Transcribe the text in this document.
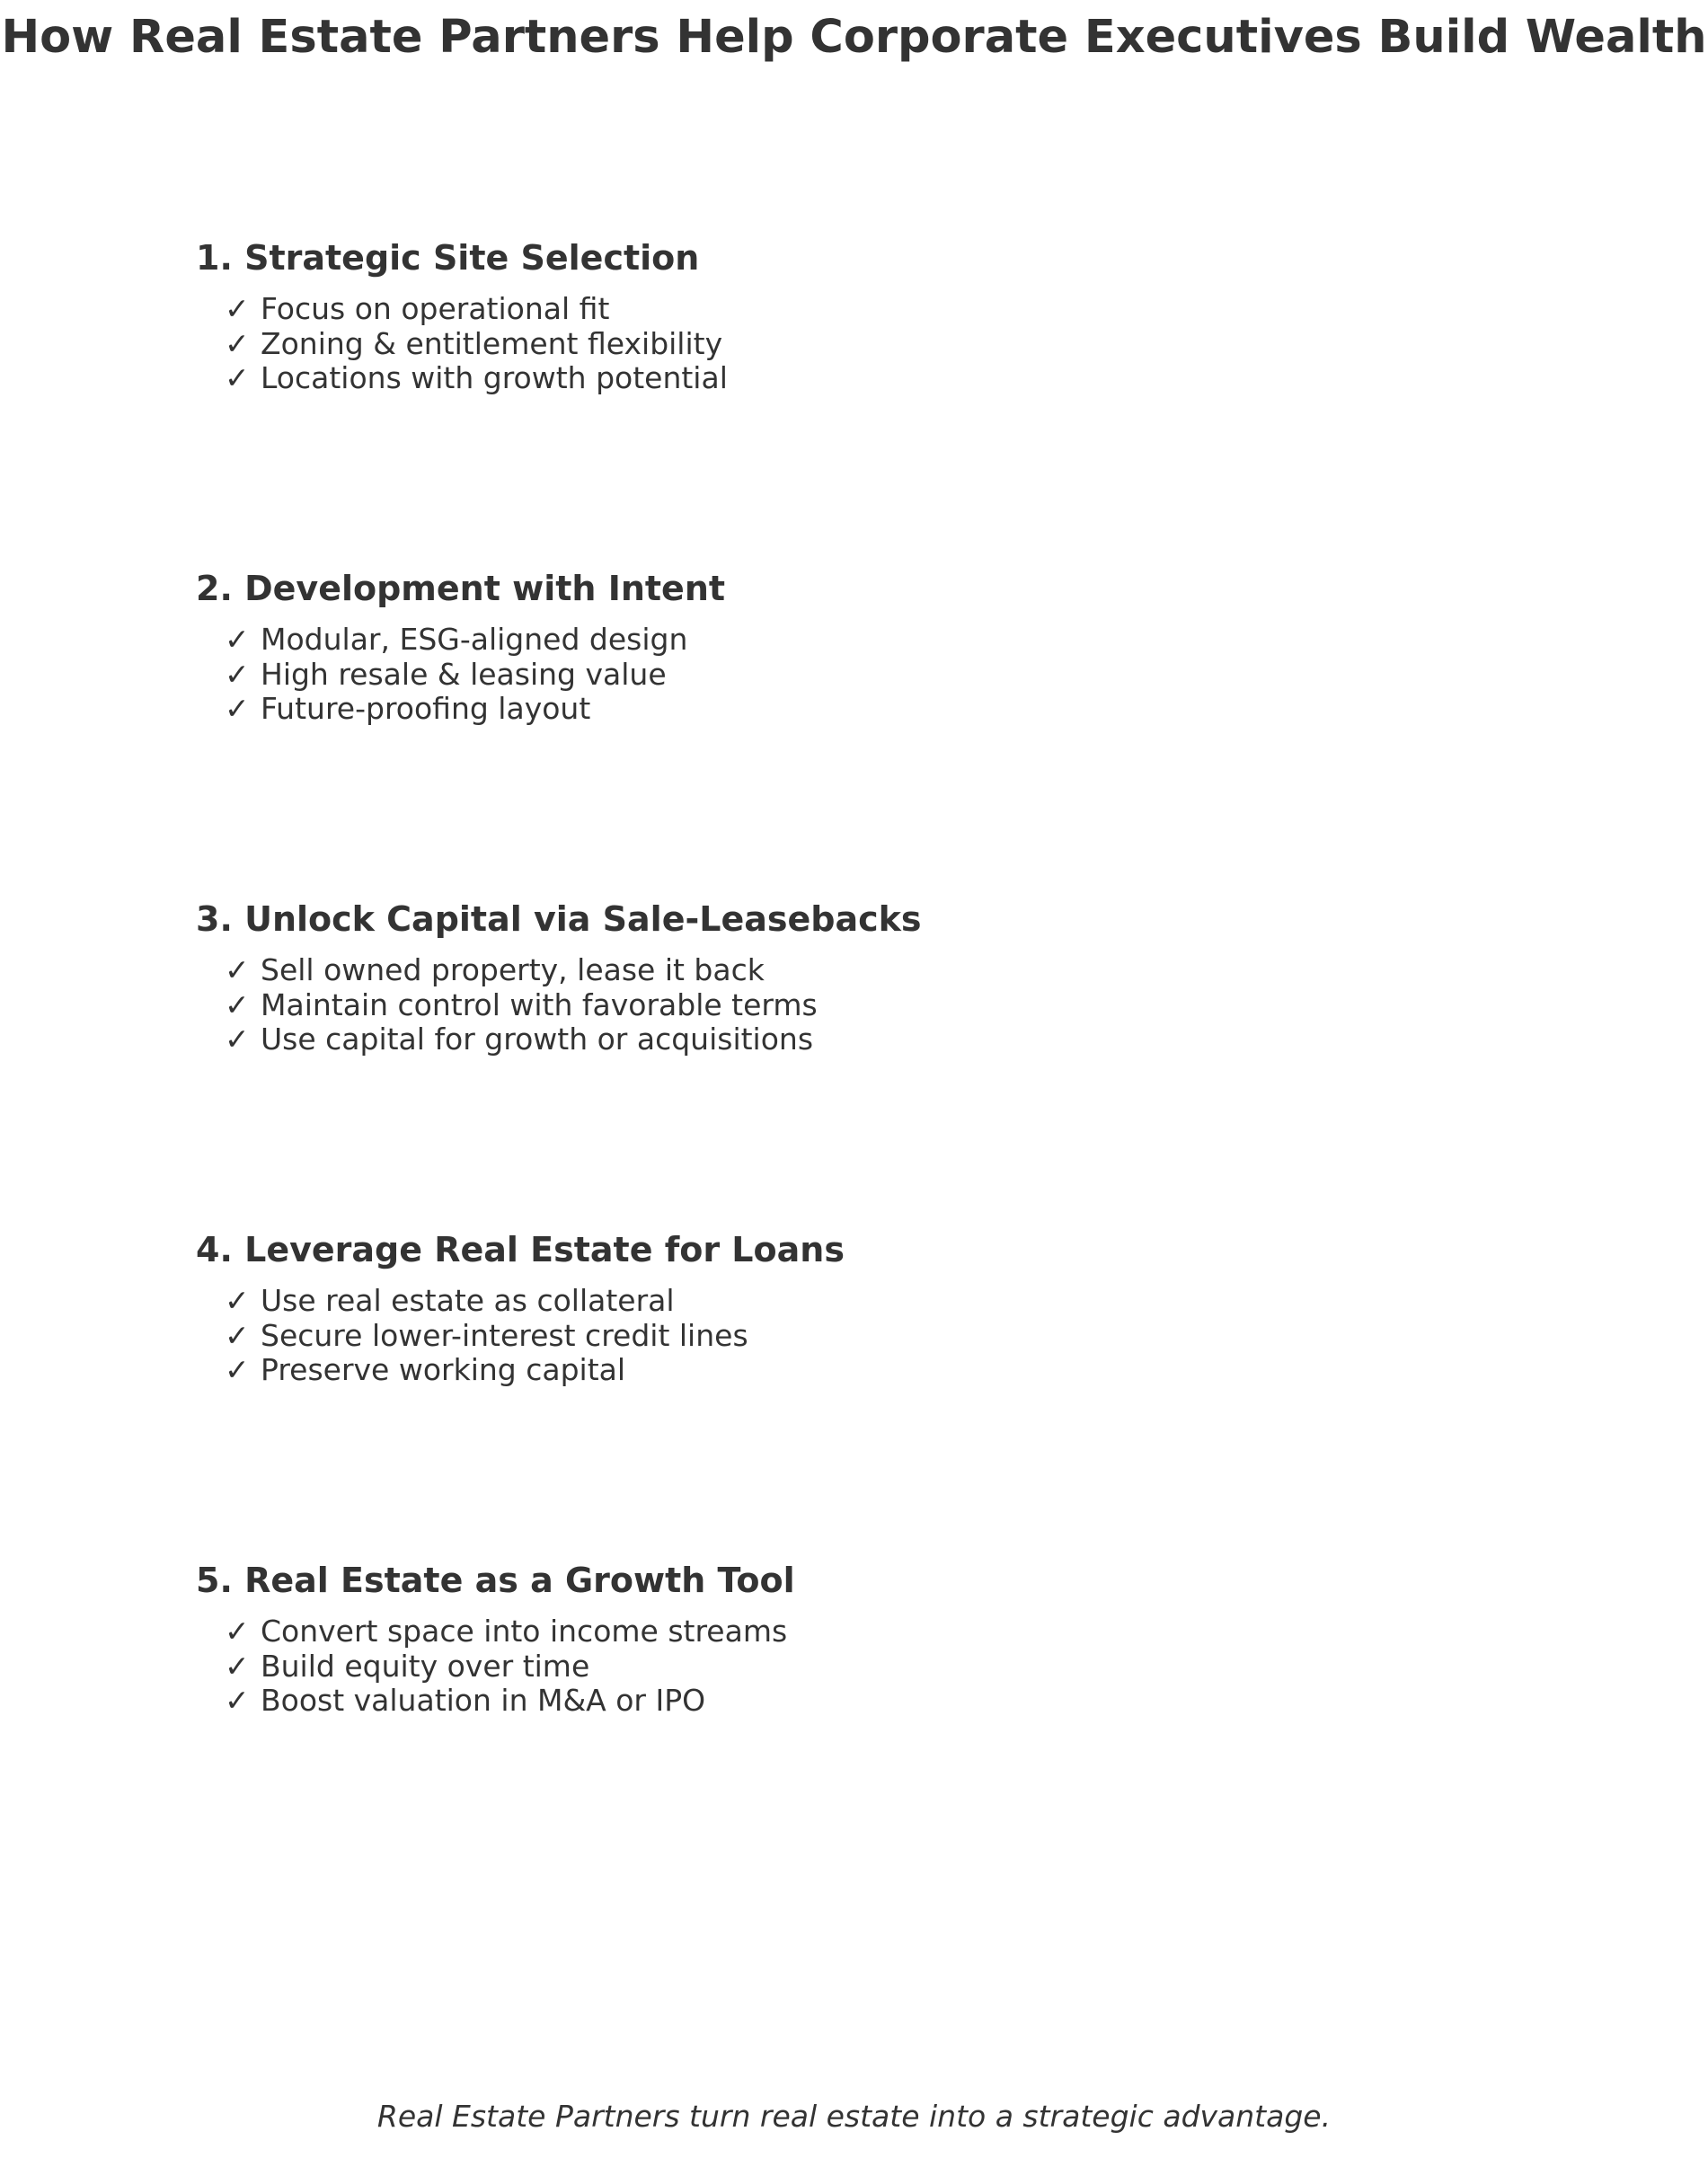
How Real Estate Partners Help Corporate Executives Build Wealth
1. Strategic Site Selection
✓ Focus on operational fit
✓ Zoning & entitlement flexibility
✓ Locations with growth potential
2. Development with Intent
✓ Modular, ESG-aligned design
✓ High resale & leasing value
✓ Future-proofing layout
3. Unlock Capital via Sale-Leasebacks
✓ Sell owned property, lease it back
✓ Maintain control with favorable terms
✓ Use capital for growth or acquisitions
4. Leverage Real Estate for Loans
✓ Use real estate as collateral
✓ Secure lower-interest credit lines
✓ Preserve working capital
5. Real Estate as a Growth Tool
✓ Convert space into income streams
✓ Build equity over time
✓ Boost valuation in M&A or IPO
Real Estate Partners turn real estate into a strategic advantage.
